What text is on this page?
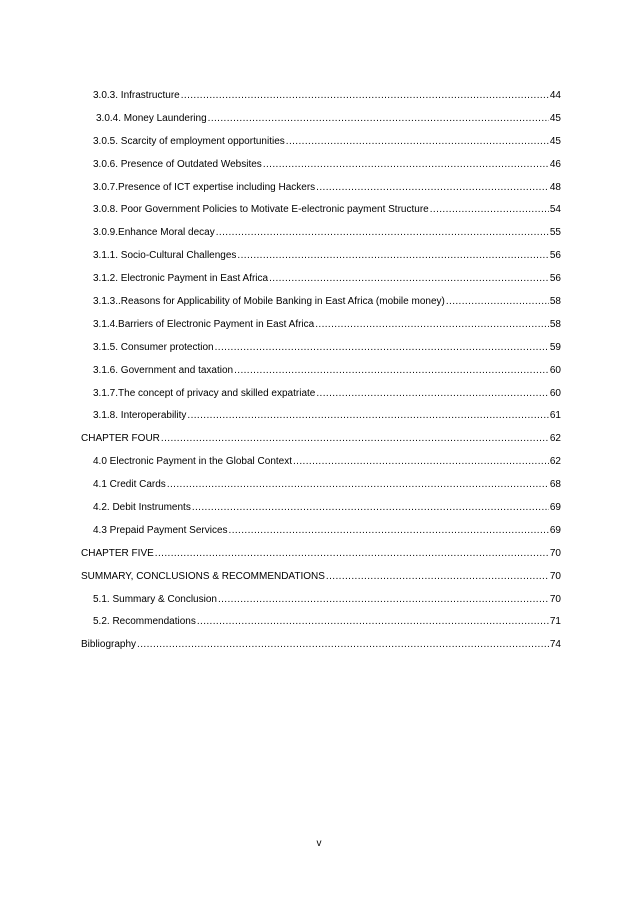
3.0.3. Infrastructure .....	44
3.0.4. Money Laundering .....	45
3.0.5. Scarcity of employment opportunities .....	45
3.0.6. Presence of Outdated Websites .....	46
3.0.7.Presence of ICT expertise including Hackers .....	48
3.0.8. Poor Government Policies to Motivate E-electronic payment Structure .....	54
3.0.9.Enhance Moral decay .....	55
3.1.1. Socio-Cultural Challenges .....	56
3.1.2. Electronic Payment in East Africa .....	56
3.1.3..Reasons for Applicability of Mobile Banking in East Africa (mobile money) .....	58
3.1.4.Barriers of Electronic Payment in East Africa .....	58
3.1.5. Consumer protection .....	59
3.1.6. Government and taxation .....	60
3.1.7.The concept of privacy and skilled expatriate .....	60
3.1.8. Interoperability .....	61
CHAPTER FOUR .....	62
4.0 Electronic Payment in the Global Context .....	62
4.1 Credit Cards .....	68
4.2. Debit Instruments .....	69
4.3 Prepaid Payment Services .....	69
CHAPTER FIVE .....	70
SUMMARY, CONCLUSIONS & RECOMMENDATIONS .....	70
5.1. Summary & Conclusion .....	70
5.2. Recommendations .....	71
Bibliography .....	74
v
